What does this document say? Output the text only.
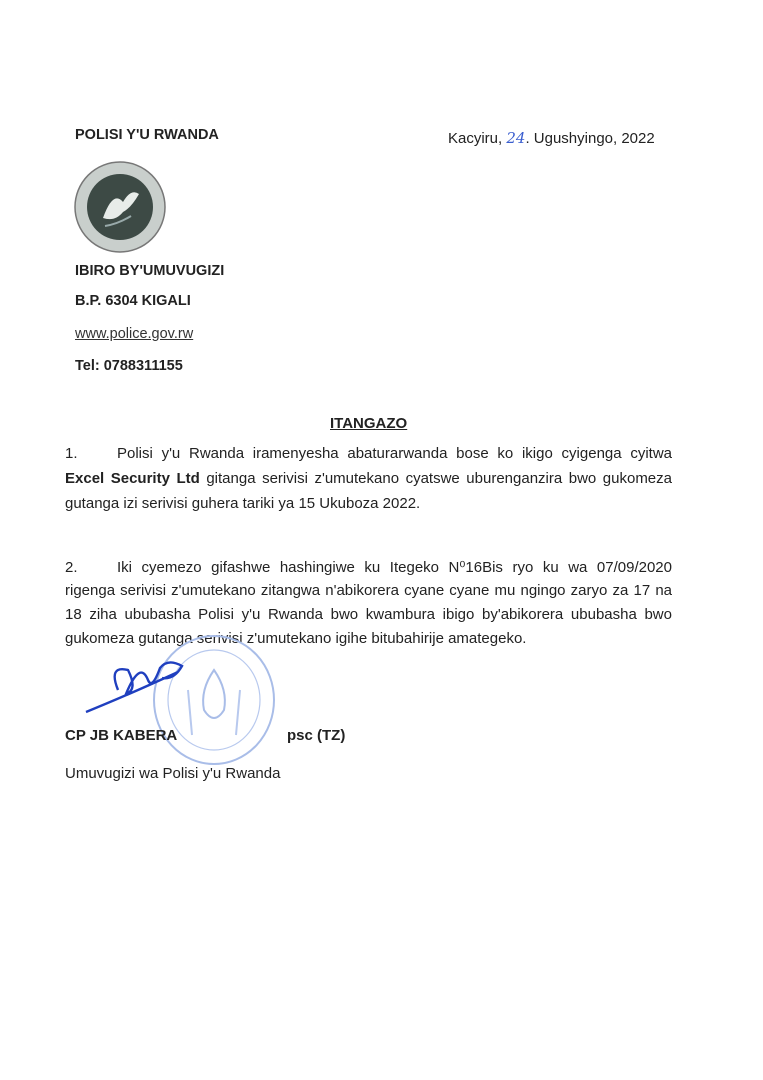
POLISI Y'U RWANDA	Kacyiru, 24. Ugushyingo, 2022
IBIRO BY'UMUVUGIZI
B.P. 6304 KIGALI
www.police.gov.rw
Tel: 0788311155
ITANGAZO
1.	Polisi y'u Rwanda iramenyesha abaturarwanda bose ko ikigo cyigenga cyitwa
Excel Security Ltd gitanga serivisi z'umutekano cyatswe uburenganzira bwo gukomeza
gutanga izi serivisi guhera tariki ya 15 Ukuboza 2022.
2.	Iki cyemezo gifashwe hashingiwe ku Itegeko N⁰16Bis ryo ku wa 07/09/2020
rigenga serivisi z'umutekano zitangwa n'abikorera cyane cyane mu ngingo zaryo za 17 na
18 ziha ububasha Polisi y'u Rwanda bwo kwambura ibigo by'abikorera ububasha bwo
gukomeza gutanga serivisi z'umutekano igihe bitubahirije amategeko.
CP JB KABERA	psc (TZ)
Umuvugizi wa Polisi y'u Rwanda
